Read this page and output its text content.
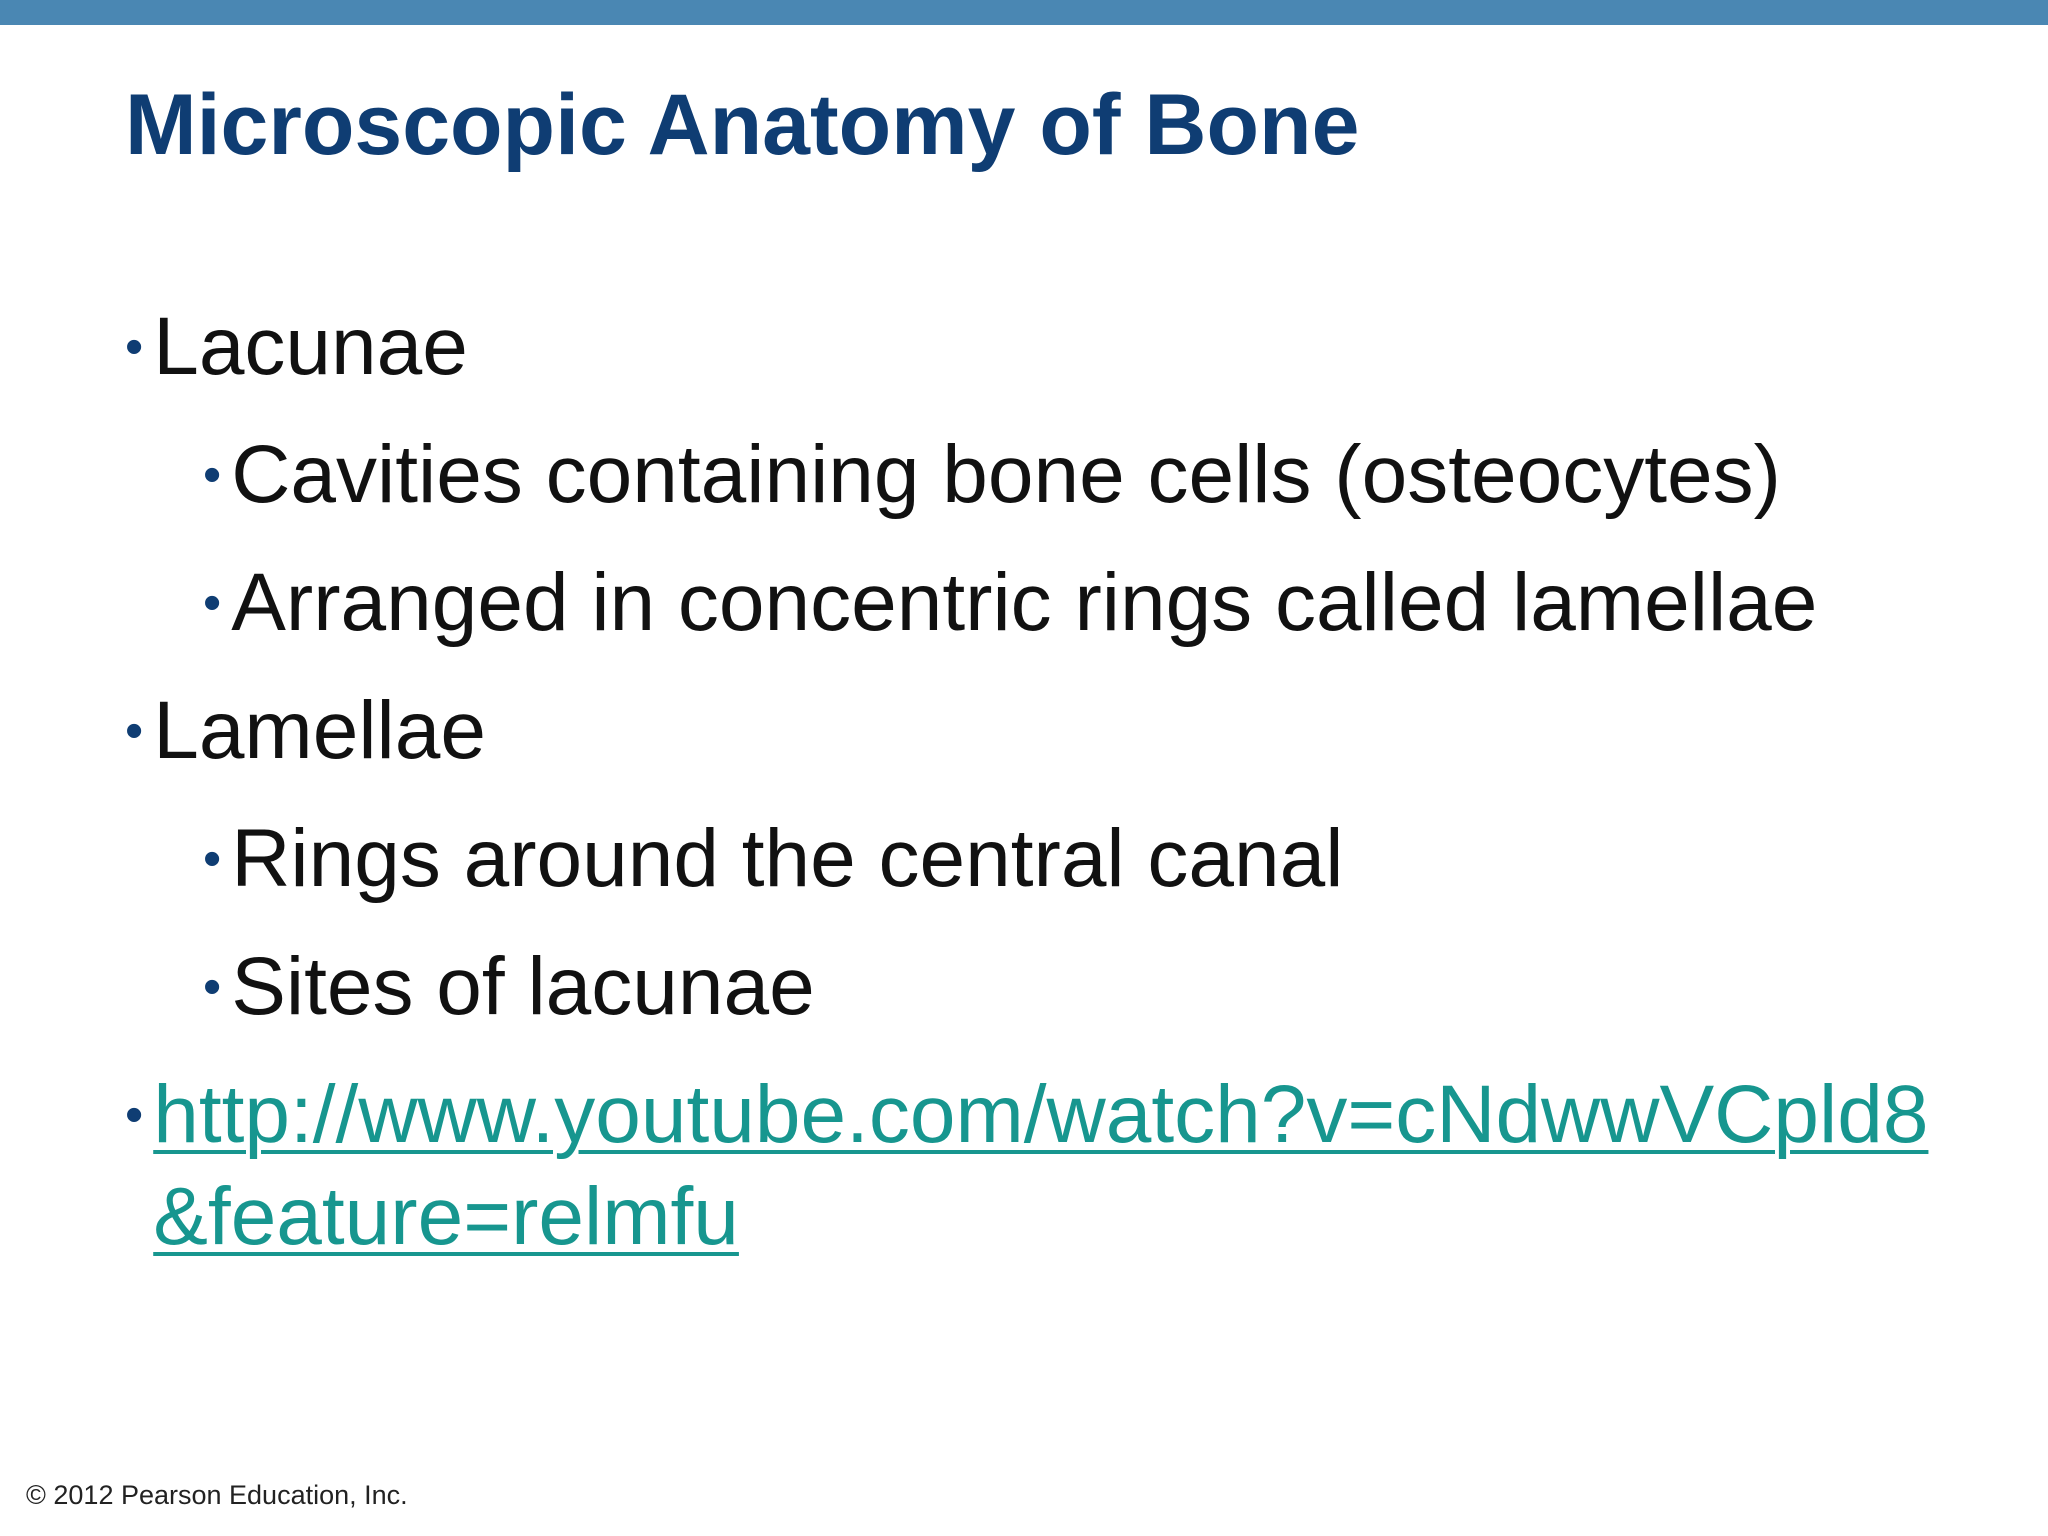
Microscopic Anatomy of Bone
• Lacunae
• Cavities containing bone cells (osteocytes)
• Arranged in concentric rings called lamellae
• Lamellae
• Rings around the central canal
• Sites of lacunae
• http://www.youtube.com/watch?v=cNdwwVCpld8&feature=relmfu
© 2012 Pearson Education, Inc.
